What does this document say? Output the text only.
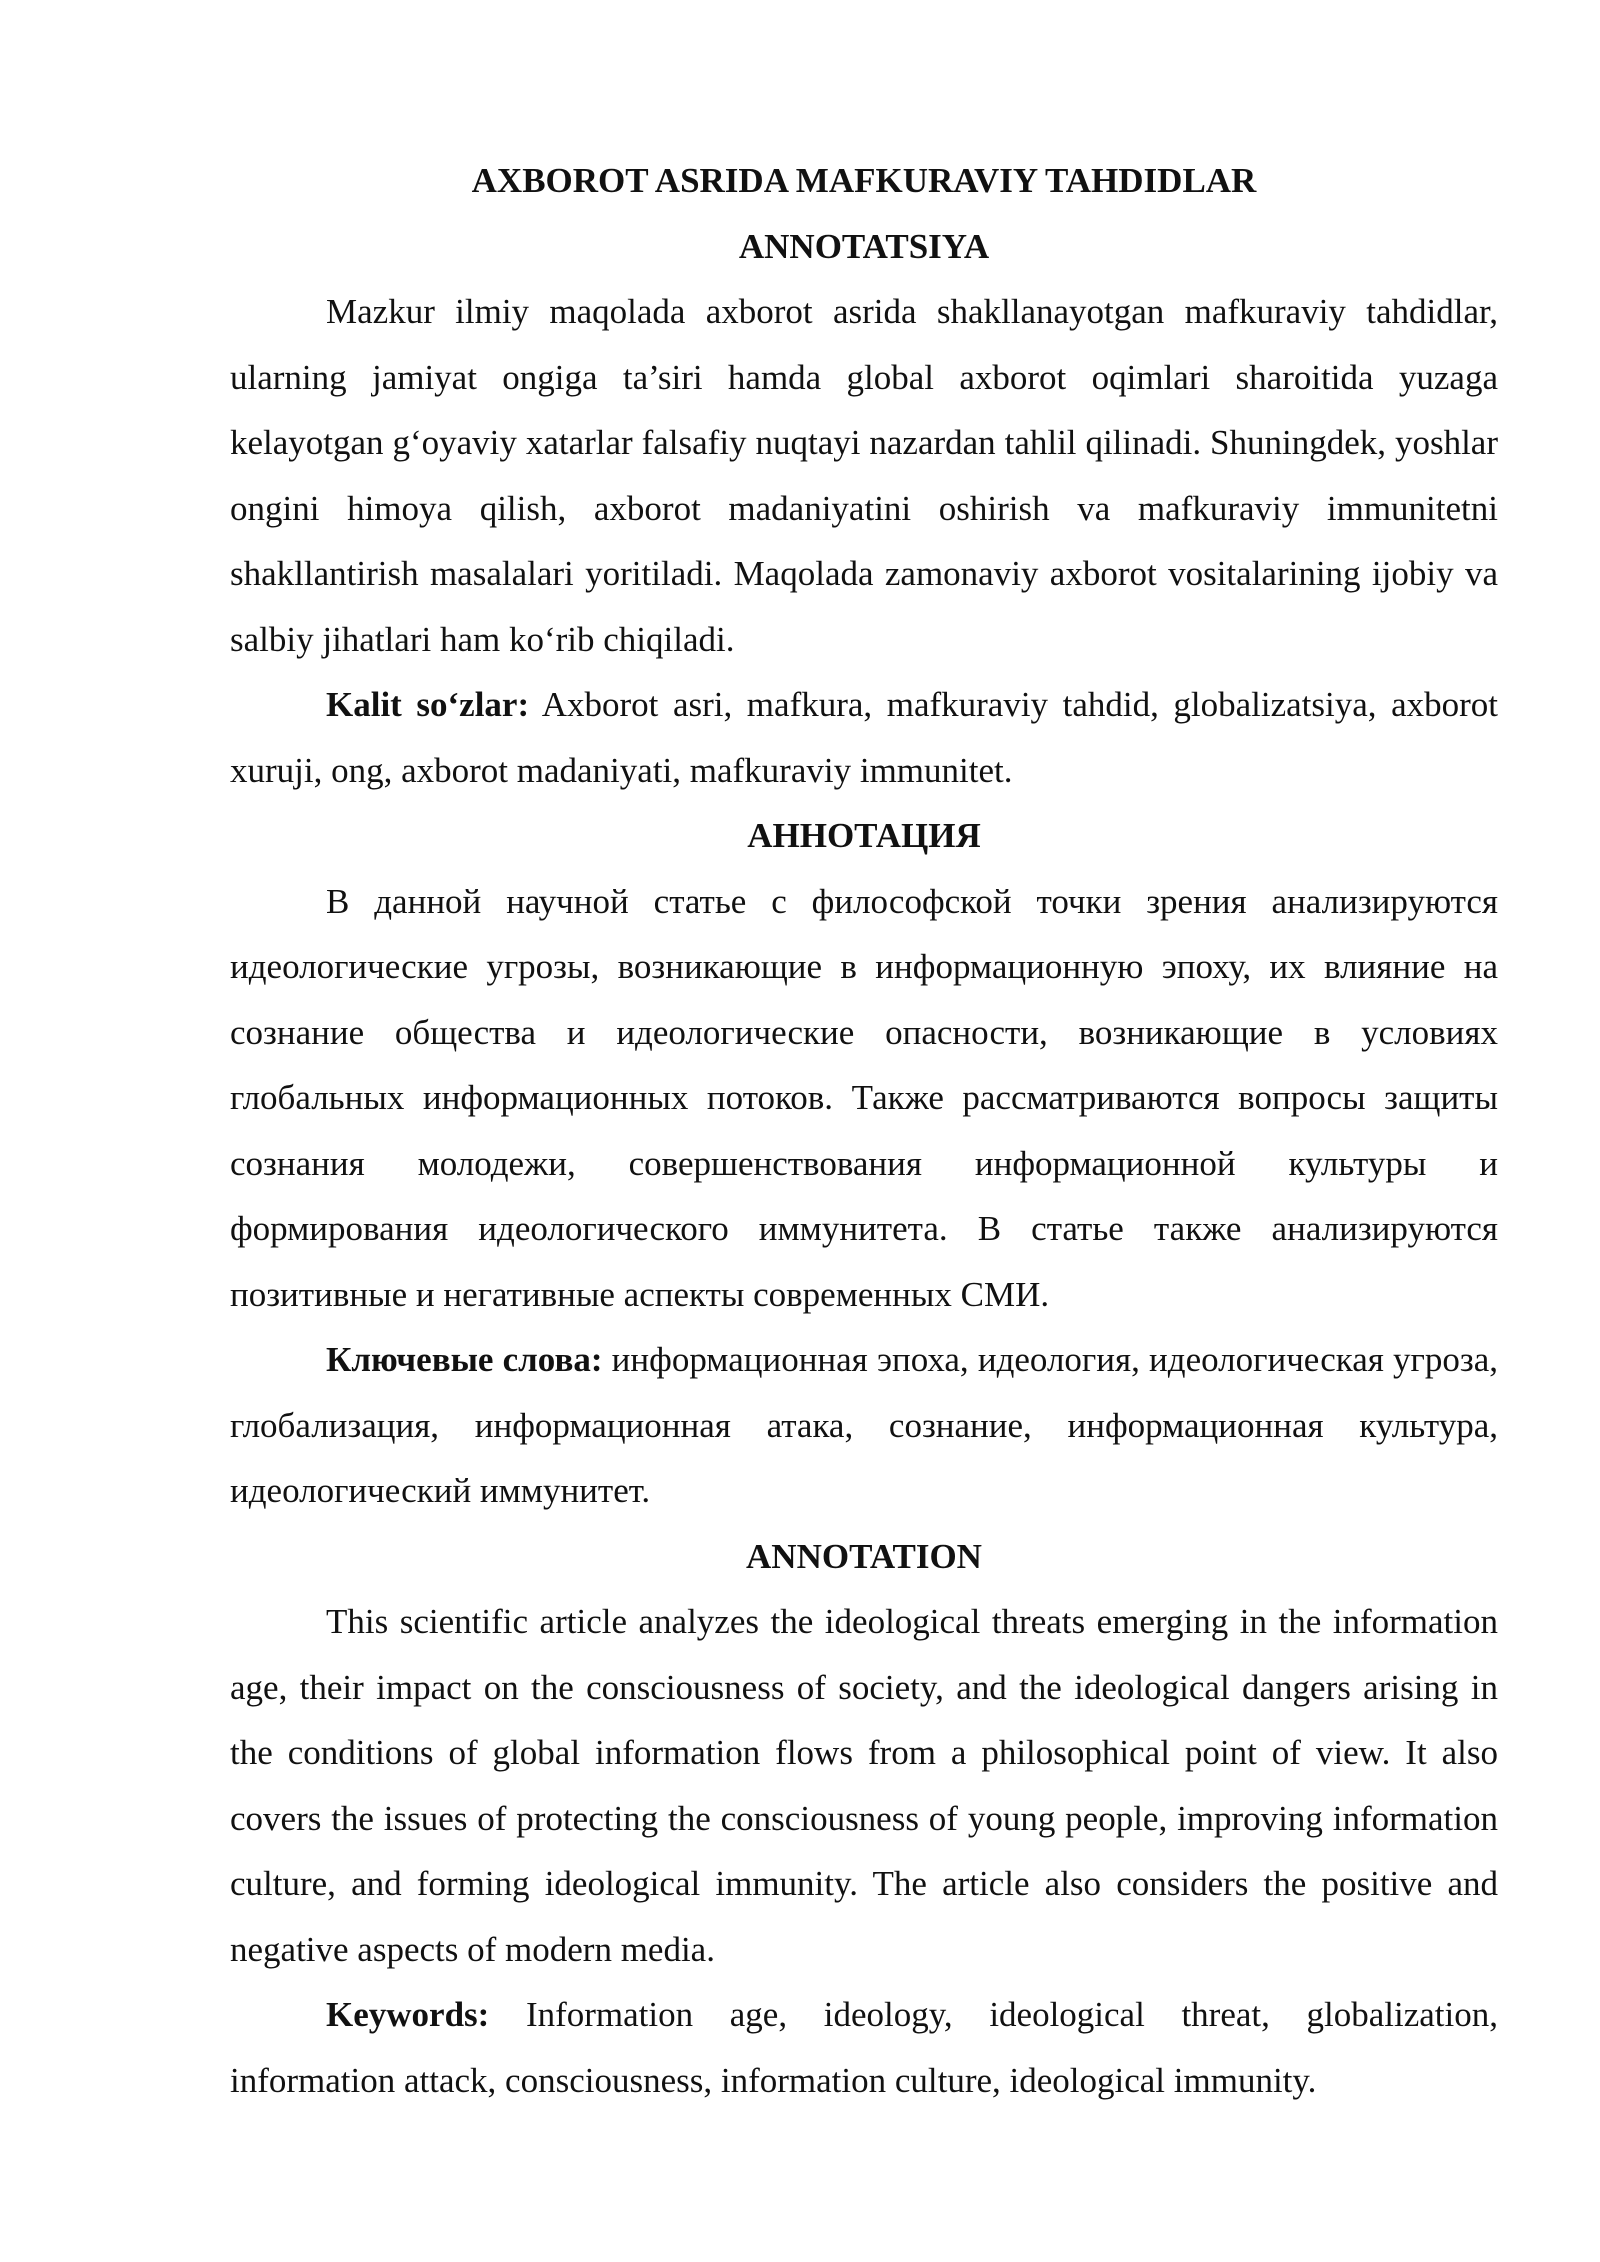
AXBOROT ASRIDA MAFKURAVIY TAHDIDLAR

ANNOTATSIYA

Mazkur ilmiy maqolada axborot asrida shakllanayotgan mafkuraviy tahdidlar, ularning jamiyat ongiga ta’siri hamda global axborot oqimlari sharoitida yuzaga kelayotgan g‘oyaviy xatarlar falsafiy nuqtayi nazardan tahlil qilinadi. Shuningdek, yoshlar ongini himoya qilish, axborot madaniyatini oshirish va mafkuraviy immunitetni shakllantirish masalalari yoritiladi. Maqolada zamonaviy axborot vositalarining ijobiy va salbiy jihatlari ham ko‘rib chiqiladi.

Kalit so‘zlar: Axborot asri, mafkura, mafkuraviy tahdid, globalizatsiya, axborot xuruji, ong, axborot madaniyati, mafkuraviy immunitet.

АННОТАЦИЯ

В данной научной статье с философской точки зрения анализируются идеологические угрозы, возникающие в информационную эпоху, их влияние на сознание общества и идеологические опасности, возникающие в условиях глобальных информационных потоков. Также рассматриваются вопросы защиты сознания молодежи, совершенствования информационной культуры и формирования идеологического иммунитета. В статье также анализируются позитивные и негативные аспекты современных СМИ.

Ключевые слова: информационная эпоха, идеология, идеологическая угроза, глобализация, информационная атака, сознание, информационная культура, идеологический иммунитет.

ANNOTATION

This scientific article analyzes the ideological threats emerging in the information age, their impact on the consciousness of society, and the ideological dangers arising in the conditions of global information flows from a philosophical point of view. It also covers the issues of protecting the consciousness of young people, improving information culture, and forming ideological immunity. The article also considers the positive and negative aspects of modern media.

Keywords: Information age, ideology, ideological threat, globalization, information attack, consciousness, information culture, ideological immunity.
